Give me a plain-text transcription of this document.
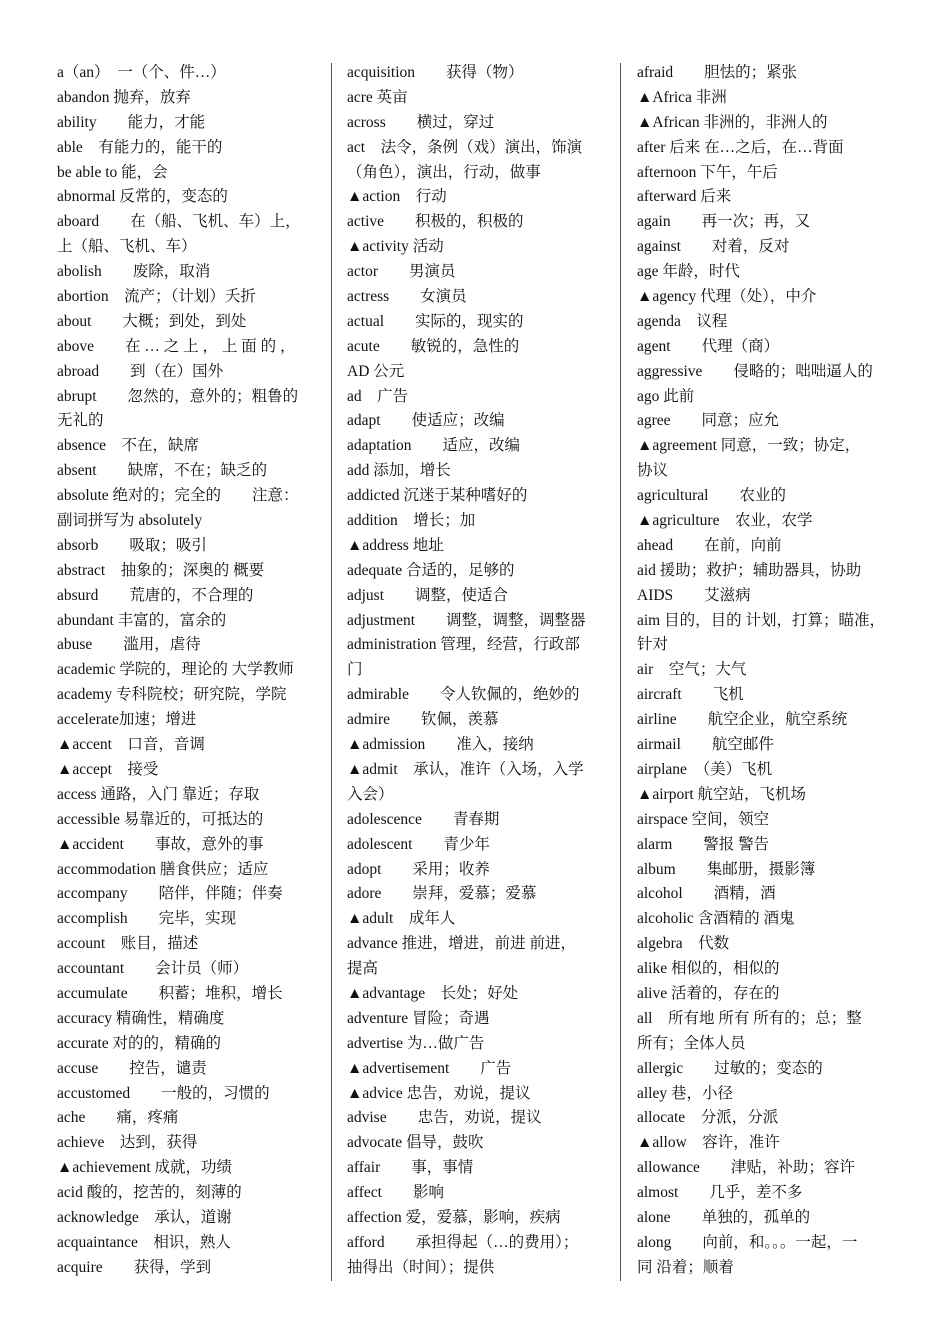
a（an）　一（个、件…）
abandon 抛弃，放弃
ability　　能力，才能
able　有能力的，能干的
be able to 能，会
abnormal 反常的，变态的
aboard　　在（船、飞机、车）上，
上（船、飞机、车）
abolish　　废除，取消
abortion　流产；（计划）夭折
about　　大概；到处，到处
above　　在 … 之 上 ， 上 面 的 ，
abroad　　到（在）国外
abrupt　　忽然的，意外的；粗鲁的
无礼的
absence　不在，缺席
absent　　缺席，不在；缺乏的
absolute 绝对的；完全的　　注意：
副词拼写为 absolutely
absorb　　吸取；吸引
abstract　抽象的；深奥的 概要
absurd　　荒唐的，不合理的
abundant 丰富的，富余的
abuse　　滥用，虐待
academic 学院的，理论的 大学教师
academy 专科院校；研究院，学院
accelerate加速；增进
▲accent　口音，音调
▲accept　接受
access 通路，入门 靠近；存取
accessible 易靠近的，可抵达的
▲accident　　事故，意外的事
accommodation 膳食供应；适应
accompany　　陪伴，伴随；伴奏
accomplish　　完毕，实现
account　账目，描述
accountant　　会计员（师）
accumulate　　积蓄；堆积，增长
accuracy 精确性，精确度
accurate 对的的，精确的
accuse　　控告，谴责
accustomed　　一般的，习惯的
ache　　痛，疼痛
achieve　达到，获得
▲achievement 成就，功绩
acid 酸的，挖苦的，刻薄的
acknowledge　承认，道谢
acquaintance　相识，熟人
acquire　　获得，学到
acquisition　　获得（物）
acre 英亩
across　　横过，穿过
act　法令，条例（戏）演出，饰演
（角色），演出，行动，做事
▲action　行动
active　　积极的，积极的
▲activity 活动
actor　　男演员
actress　　女演员
actual　　实际的，现实的
acute　　敏锐的，急性的
AD 公元
ad　广告
adapt　　使适应；改编
adaptation　　适应，改编
add 添加，增长
addicted 沉迷于某种嗜好的
addition　增长；加
▲address 地址
adequate 合适的，足够的
adjust　　调整，使适合
adjustment　　调整，调整，调整器
administration 管理，经营，行政部
门
admirable　　令人钦佩的，绝妙的
admire　　钦佩，羡慕
▲admission　　准入，接纳
▲admit　承认，准许（入场，入学
入会）
adolescence　　青春期
adolescent　　青少年
adopt　　采用；收养
adore　　崇拜，爱慕；爱慕
▲adult　成年人
advance 推进，增进，前进 前进，
提高
▲advantage　长处；好处
adventure 冒险；奇遇
advertise 为…做广告
▲advertisement　　广告
▲advice 忠告，劝说，提议
advise　　忠告，劝说，提议
advocate 倡导，鼓吹
affair　　事，事情
affect　　影响
affection 爱，爱慕，影响，疾病
afford　　承担得起（…的费用）；
抽得出（时间）；提供
afraid　　胆怯的；紧张
▲Africa 非洲
▲African 非洲的，非洲人的
after 后来 在…之后，在…背面
afternoon 下午，午后
afterward 后来
again　　再一次；再，又
against　　对着，反对
age 年龄，时代
▲agency 代理（处），中介
agenda　议程
agent　　代理（商）
aggressive　　侵略的；咄咄逼人的
ago 此前
agree　　同意；应允
▲agreement 同意，一致；协定，
协议
agricultural　　农业的
▲agriculture　农业，农学
ahead　　在前，向前
aid 援助；救护；辅助器具，协助
AIDS　　艾滋病
aim 目的，目的 计划，打算；瞄准，
针对
air　空气；大气
aircraft　　飞机
airline　　航空企业，航空系统
airmail　　航空邮件
airplane　（美）飞机
▲airport 航空站，飞机场
airspace 空间，领空
alarm　　警报 警告
album　　集邮册，摄影簿
alcohol　　酒精，酒
alcoholic 含酒精的 酒鬼
algebra　代数
alike 相似的，相似的
alive 活着的，存在的
all　所有地 所有 所有的；总；整
所有；全体人员
allergic　　过敏的；变态的
alley 巷，小径
allocate　分派，分派
▲allow　容许，准许
allowance　　津贴，补助；容许
almost　　几乎，差不多
alone　　单独的，孤单的
along　　向前，和。。。一起，一
同 沿着；顺着
